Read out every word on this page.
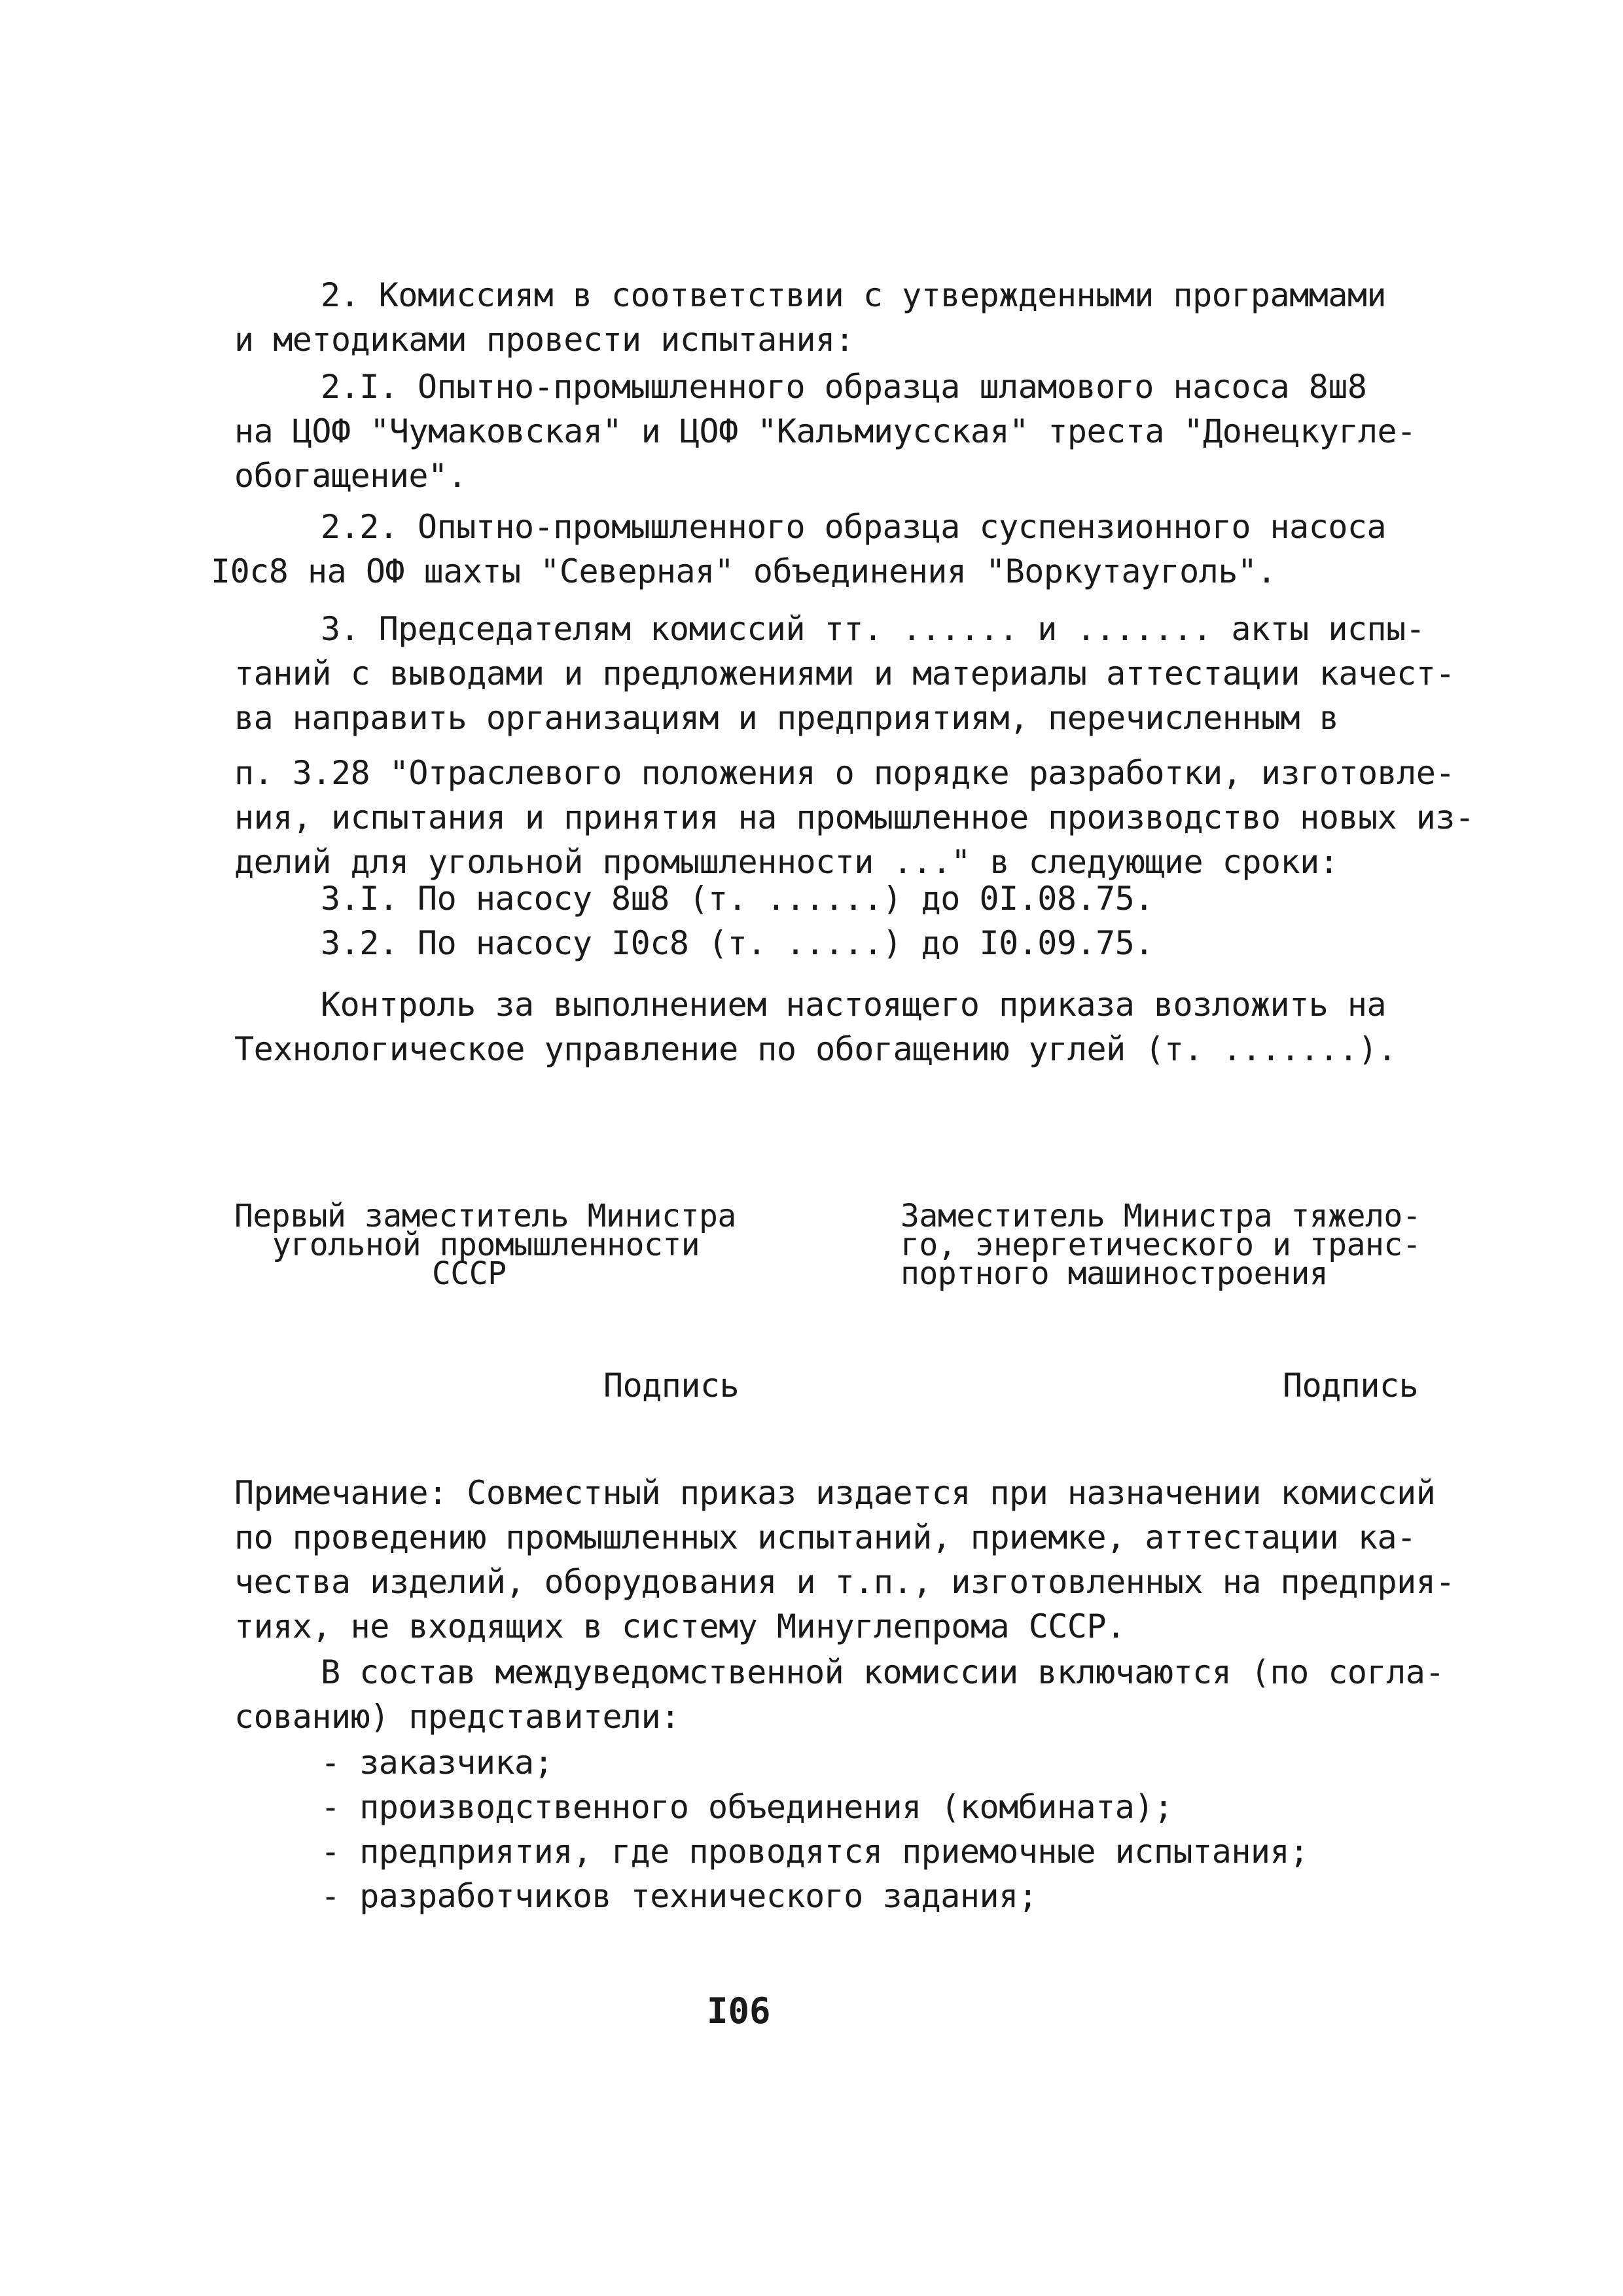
2. Комиссиям в соответствии с утвержденными программами
и методиками провести испытания:
2.I. Опытно-промышленного образца шламового насоса 8ш8
на ЦОФ "Чумаковская" и ЦОФ "Кальмиусская" треста "Донецкугле-
обогащение".
2.2. Опытно-промышленного образца суспензионного насоса
I0с8 на ОФ шахты "Северная" объединения "Воркутауголь".
3. Председателям комиссий тт. ...... и ....... акты испы-
таний с выводами и предложениями и материалы аттестации качест-
ва направить организациям и предприятиям, перечисленным в
п. 3.28 "Отраслевого положения о порядке разработки, изготовле-
ния, испытания и принятия на промышленное производство новых из-
делий для угольной промышленности ..." в следующие сроки:
3.I. По насосу 8ш8 (т. ......) до 0I.08.75.
3.2. По насосу I0с8 (т. .....) до I0.09.75.
Контроль за выполнением настоящего приказа возложить на
Технологическое управление по обогащению углей (т. .......).
Первый заместитель Министра
угольной промышленности
СССР
Заместитель Министра тяжело-
го, энергетического и транс-
портного машиностроения
Подпись	Подпись
Примечание: Совместный приказ издается при назначении комиссий
по проведению промышленных испытаний, приемке, аттестации ка-
чества изделий, оборудования и т.п., изготовленных на предприя-
тиях, не входящих в систему Минуглепрома СССР.
В состав междуведомственной комиссии включаются (по согла-
сованию) представители:
- заказчика;
- производственного объединения (комбината);
- предприятия, где проводятся приемочные испытания;
- разработчиков технического задания;
I06
